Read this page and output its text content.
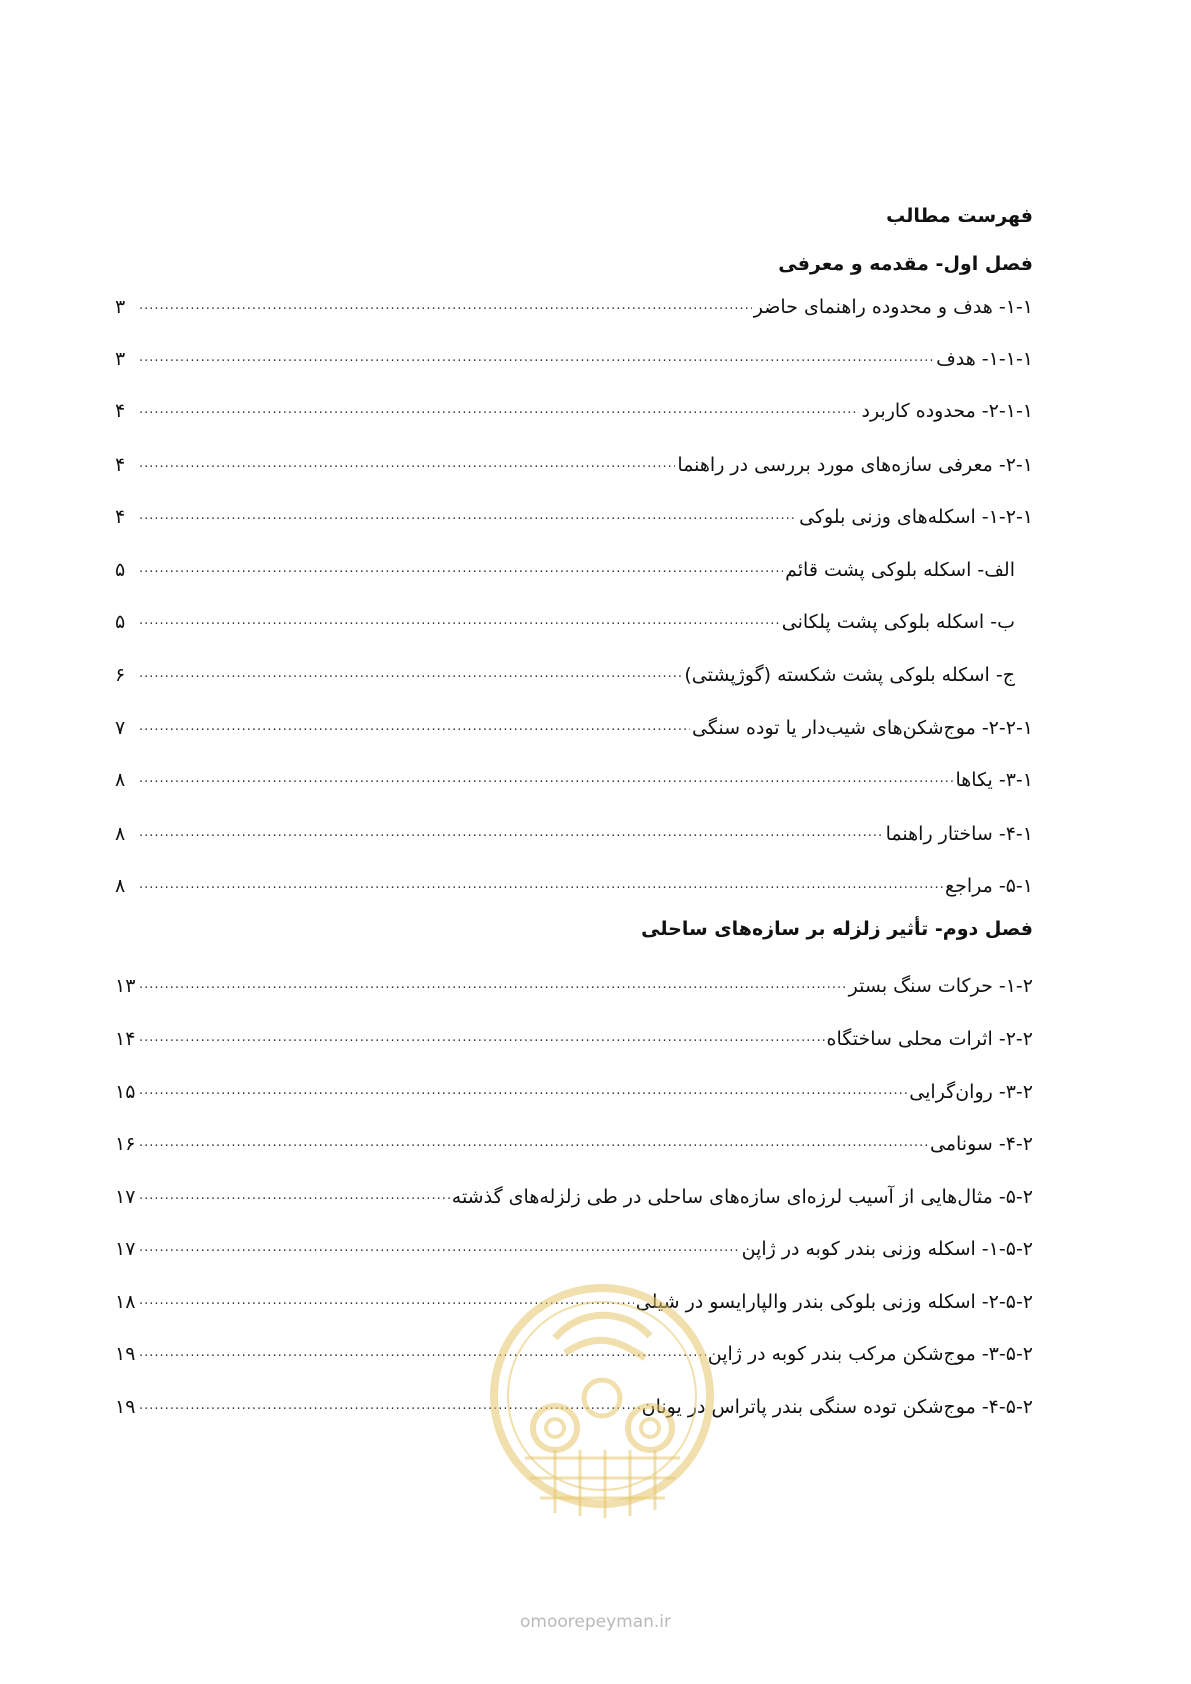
فهرست مطالب
فصل اول- مقدمه و معرفی
۱-۱- هدف و محدوده راهنمای حاضر
.....
۳
۱-۱-۱- هدف
.....
۳
۲-۱-۱- محدوده کاربرد
.....
۴
۲-۱- معرفی سازه‌های مورد بررسی در راهنما
.....
۴
۱-۲-۱- اسکله‌های وزنی بلوکی
.....
۴
الف- اسکله بلوکی پشت قائم
.....
۵
ب- اسکله بلوکی پشت پلکانی
.....
۵
ج- اسکله بلوکی پشت شکسته (گوژپشتی)
.....
۶
۲-۲-۱- موج‌شکن‌های شیب‌دار یا توده سنگی
.....
۷
۳-۱- یکاها
.....
۸
۴-۱- ساختار راهنما
.....
۸
۵-۱- مراجع
.....
۸
فصل دوم- تأثیر زلزله بر سازه‌های ساحلی
۱-۲- حرکات سنگ بستر
.....
۱۳
۲-۲- اثرات محلی ساختگاه
.....
۱۴
۳-۲- روان‌گرایی
.....
۱۵
۴-۲- سونامی
.....
۱۶
۵-۲- مثال‌هایی از آسیب لرزه‌ای سازه‌های ساحلی در طی زلزله‌های گذشته
.....
۱۷
۱-۵-۲- اسکله وزنی بندر کوبه در ژاپن
.....
۱۷
۲-۵-۲- اسکله وزنی بلوکی بندر والپارایسو در شیلی
.....
۱۸
۳-۵-۲- موج‌شکن مرکب بندر کوبه در ژاپن
.....
۱۹
۴-۵-۲- موج‌شکن توده سنگی بندر پاتراس در یونان
.....
۱۹
omoorepeyman.ir
